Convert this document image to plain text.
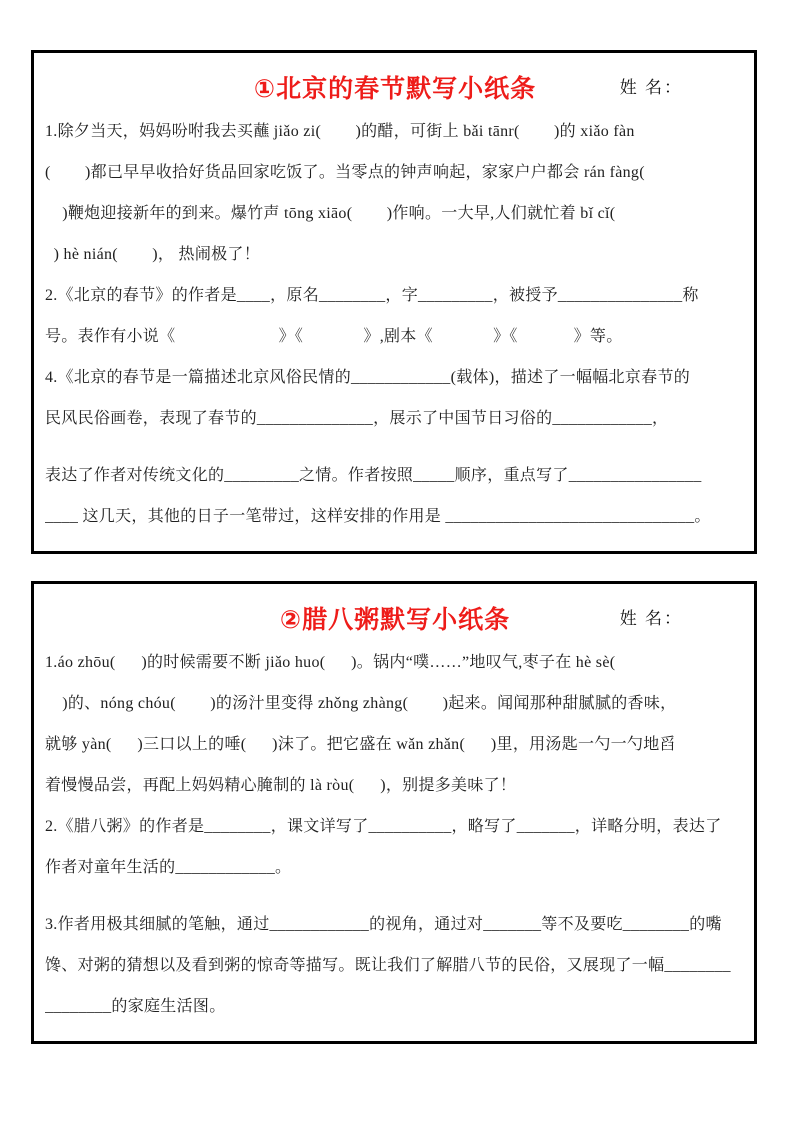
①北京的春节默写小纸条	姓 名：
1.除夕当天，妈妈吩咐我去买蘸 jiǎo zi(        )的醋，可街上 bǎi tānr(        )的 xiǎo fàn
(        )都已早早收拾好货品回家吃饭了。当零点的钟声响起，家家户户都会 rán fàng(
)鞭炮迎接新年的到来。爆竹声 tōng xiāo(        )作响。一大早,人们就忙着 bǐ cǐ(
) hè nián(        )， 热闹极了！
2.《北京的春节》的作者是____，原名________，字_________，被授予_______________称
号。表作有小说《                        》《              》,剧本《              》《             》等。
4.《北京的春节是一篇描述北京风俗民情的____________(载体)，描述了一幅幅北京春节的
民风民俗画卷，表现了春节的______________，展示了中国节日习俗的____________，
表达了作者对传统文化的_________之情。作者按照_____顺序，重点写了________________
____ 这几天，其他的日子一笔带过，这样安排的作用是 ______________________________。
②腊八粥默写小纸条	姓 名：
1.áo zhōu(      )的时候需要不断 jiǎo huo(      )。锅内“噗……”地叹气,枣子在 hè sè(
)的、nóng chóu(        )的汤汁里变得 zhǒng zhàng(        )起来。闻闻那种甜腻腻的香味，
就够 yàn(      )三口以上的唾(      )沫了。把它盛在 wǎn zhǎn(      )里，用汤匙一勺一勺地舀
着慢慢品尝，再配上妈妈精心腌制的 là ròu(      )，别提多美味了！
2.《腊八粥》的作者是________，课文详写了__________，略写了_______，详略分明，表达了
作者对童年生活的____________。
3.作者用极其细腻的笔触，通过____________的视角，通过对_______等不及要吃________的嘴
馋、对粥的猜想以及看到粥的惊奇等描写。既让我们了解腊八节的民俗，又展现了一幅________
________的家庭生活图。
